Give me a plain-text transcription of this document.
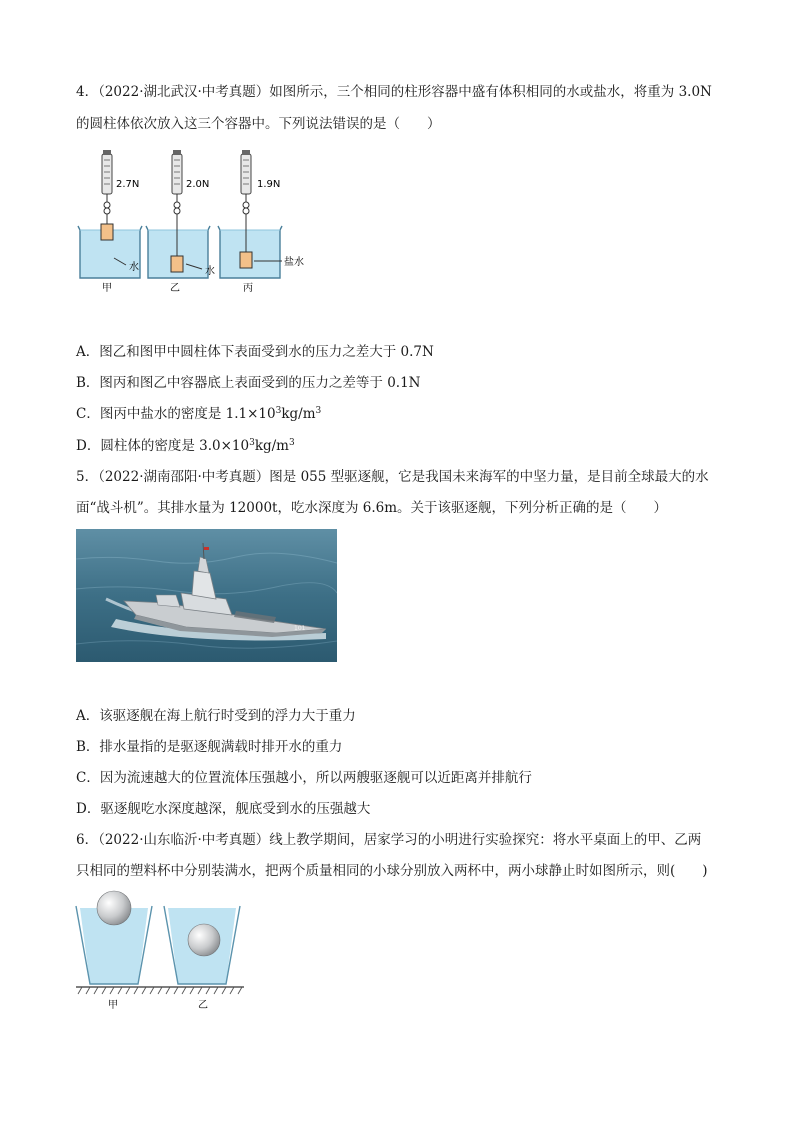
4．（2022·湖北武汉·中考真题）如图所示，三个相同的柱形容器中盛有体积相同的水或盐水，将重为 3.0N
的圆柱体依次放入这三个容器中。下列说法错误的是（　　）
2.7N
水
甲
2.0N
水
乙
1.9N
盐水
丙
A．图乙和图甲中圆柱体下表面受到水的压力之差大于 0.7N
B．图丙和图乙中容器底上表面受到的压力之差等于 0.1N
C．图丙中盐水的密度是 $1.1\times 10^3kg/m^3$
D．圆柱体的密度是 $3.0\times 10^3kg/m^3$
5．（2022·湖南邵阳·中考真题）图是 055 型驱逐舰，它是我国未来海军的中坚力量，是目前全球最大的水
面“战斗机”。其排水量为 12000t，吃水深度为 6.6m。关于该驱逐舰，下列分析正确的是（　　）
101
A．该驱逐舰在海上航行时受到的浮力大于重力
B．排水量指的是驱逐舰满载时排开水的重力
C．因为流速越大的位置流体压强越小，所以两艘驱逐舰可以近距离并排航行
D．驱逐舰吃水深度越深，舰底受到水的压强越大
6．（2022·山东临沂·中考真题）线上教学期间，居家学习的小明进行实验探究：将水平桌面上的甲、乙两
只相同的塑料杯中分别装满水，把两个质量相同的小球分别放入两杯中，两小球静止时如图所示，则(　　)
甲	乙
